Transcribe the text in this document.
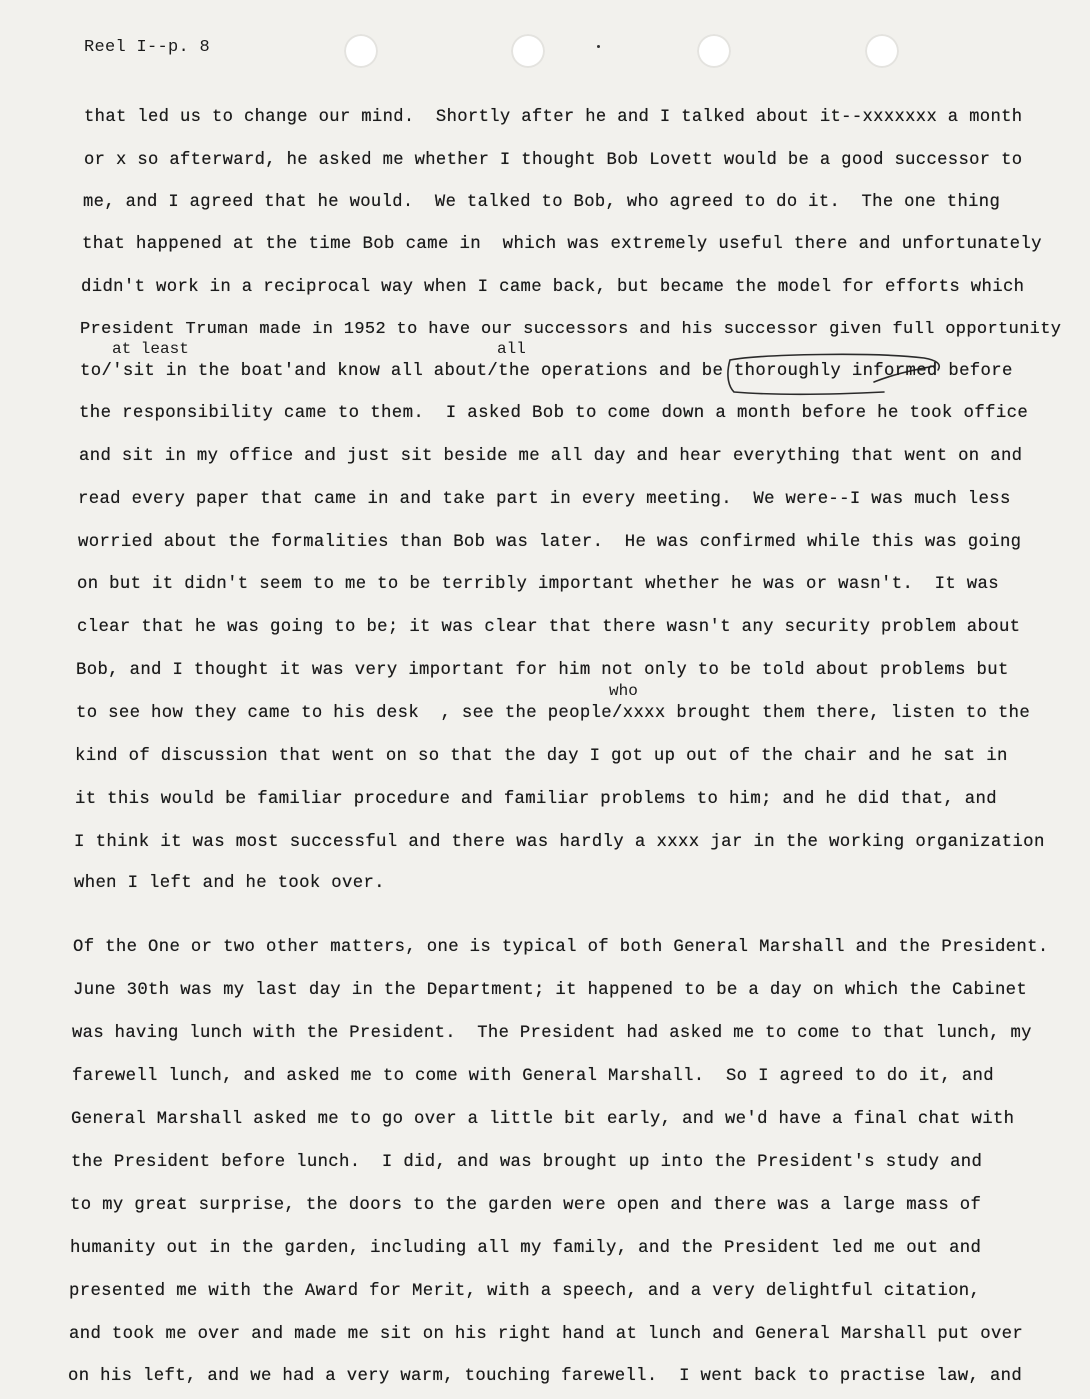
Reel I--p. 8
at least	all
who
that led us to change our mind.  Shortly after he and I talked about it--xxxxxxx a month
or x so afterward, he asked me whether I thought Bob Lovett would be a good successor to
me, and I agreed that he would.  We talked to Bob, who agreed to do it.  The one thing
that happened at the time Bob came in  which was extremely useful there and unfortunately
didn't work in a reciprocal way when I came back, but became the model for efforts which
President Truman made in 1952 to have our successors and his successor given full opportunity
to/'sit in the boat'and know all about/the operations and be thoroughly informed before
the responsibility came to them.  I asked Bob to come down a month before he took office
and sit in my office and just sit beside me all day and hear everything that went on and
read every paper that came in and take part in every meeting.  We were--I was much less
worried about the formalities than Bob was later.  He was confirmed while this was going
on but it didn't seem to me to be terribly important whether he was or wasn't.  It was
clear that he was going to be; it was clear that there wasn't any security problem about
Bob, and I thought it was very important for him not only to be told about problems but
to see how they came to his desk  , see the people/xxxx brought them there, listen to the
kind of discussion that went on so that the day I got up out of the chair and he sat in
it this would be familiar procedure and familiar problems to him; and he did that, and
I think it was most successful and there was hardly a xxxx jar in the working organization
when I left and he took over.
Of the One or two other matters, one is typical of both General Marshall and the President.
June 30th was my last day in the Department; it happened to be a day on which the Cabinet
was having lunch with the President.  The President had asked me to come to that lunch, my
farewell lunch, and asked me to come with General Marshall.  So I agreed to do it, and
General Marshall asked me to go over a little bit early, and we'd have a final chat with
the President before lunch.  I did, and was brought up into the President's study and
to my great surprise, the doors to the garden were open and there was a large mass of
humanity out in the garden, including all my family, and the President led me out and
presented me with the Award for Merit, with a speech, and a very delightful citation,
and took me over and made me sit on his right hand at lunch and General Marshall put over
on his left, and we had a very warm, touching farewell.  I went back to practise law, and
